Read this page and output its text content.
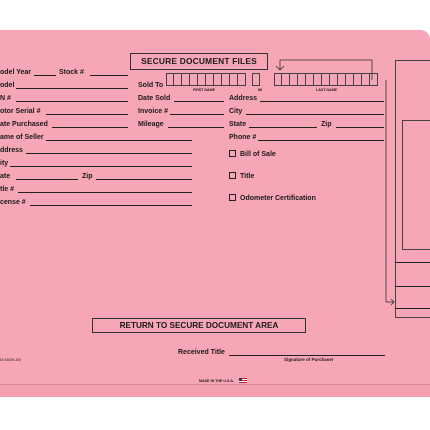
SECURE DOCUMENT FILES
Sold To
FIRST NAME	MI	LAST NAME
odel Year	Stock #
odel
N #
otor Serial #
ate Purchased
ame of Seller
ddress
ity
ate	Zip
tle #
cense #
Date Sold	Address
Invoice #	City
Mileage	State	Zip
Phone #
Bill of Sale
Title
Odometer Certification
RETURN TO SECURE DOCUMENT AREA
Received Title
Signature of Purchaser
M #3039-100
MADE IN THE U.S.A.
